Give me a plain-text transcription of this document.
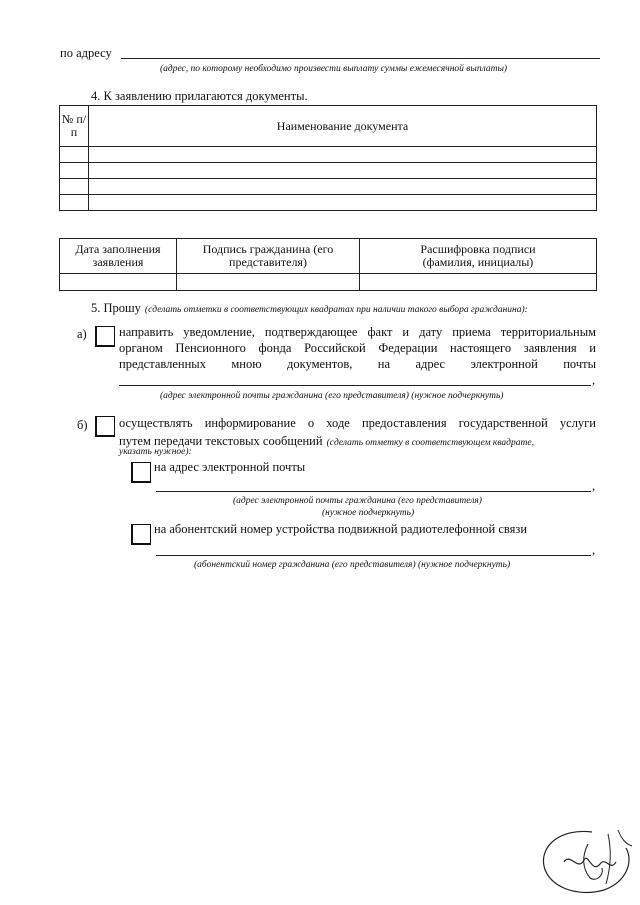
по адресу
(адрес, по которому необходимо произвести выплату суммы ежемесячной выплаты)
4. К заявлению прилагаются документы.
№ п/п	Наименование документа

Дата заполнения заявления	Подпись гражданина (его представителя)	Расшифровка подписи (фамилия, инициалы)

5. Прошу (сделать отметки в соответствующих квадратах при наличии такого выбора гражданина):
а)	направить уведомление, подтверждающее факт и дату приема территориальным
органом Пенсионного фонда Российской Федерации настоящего заявления и
представленных мною документов, на адрес электронной почты
,
(адрес электронной почты гражданина (его представителя) (нужное подчеркнуть)
б)	осуществлять информирование о ходе предоставления государственной услуги
путем передачи текстовых сообщений (сделать отметку в соответствующем квадрате,
указать нужное):
на адрес электронной почты
,
(адрес электронной почты гражданина (его представителя)
(нужное подчеркнуть)
на абонентский номер устройства подвижной радиотелефонной связи
,
(абонентский номер гражданина (его представителя) (нужное подчеркнуть)
